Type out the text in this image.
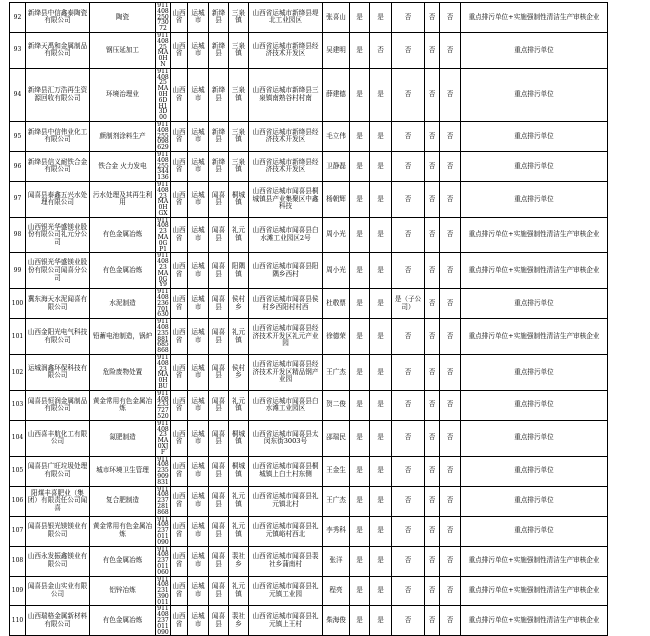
92	新绛县中信鑫泰陶瓷有限公司	陶瓷	91140825073072	山西省	运城市	新绛县	三泉镇	山西省运城市新绛县堤北工业园区	张喜山	是	是	否	否	否	重点排污单位+实施强制性清洁生产审核企业
93	新绛天禹和金属制品有限公司	钢压延加工	91140825MA0HN	山西省	运城市	新绛县	三泉镇	山西省运城市新绛县经济技术开发区	吴建明	是	否	否	否	否	重点排污单位
94	新绛县汇万浩再生资源回收有限公司	环境治理业	91140825MA0H6DH13D00	山西省	运城市	新绛县	三泉镇	山西省运城市新绛县三泉镇南熟谷村村南	薛建德	是	是	否	否	否	重点排污单位
95	新绛县中信伟业化工有限公司	颜制剂涂料生产	911408255098629	山西省	运城市	新绛县	三泉镇	山西省运城市新绛县经济技术开发区	毛立伟	是	是	否	否	否	重点排污单位
96	新绛县信义耐铁合金有限公司	铁合金 火力发电	911408255344136	山西省	运城市	新绛县	三泉镇	山西省运城市新绛县经济技术开发区	卫静磊	是	是	否	否	否	重点排污单位
97	闻喜县泰鑫五兴水处理有限公司	污水处理及其再生利用	91140823MA0HGX	山西省	运城市	闻喜县	桐城镇	山西省运城市闻喜县桐城镇县产业集聚区中鑫科技	杨朝辉	是	是	否	否	否	重点排污单位
98	山西银光华盛镁业股份有限公司礼元分公司	有色金属冶炼	91140823MA0GP1	山西省	运城市	闻喜县	礼元镇	山西省运城市闻喜县白水滩工业园区2号	周小光	是	是	否	否	否	重点排污单位+实施强制性清洁生产审核企业
99	山西银光华盛镁业股份有限公司闻喜分公司	有色金属冶炼	91140823MA0GY9	山西省	运城市	闻喜县	阳隅镇	山西省运城市闻喜县阳隅乡西村	周小光	是	是	否	否	否	重点排污单位+实施强制性清洁生产审核企业
100	冀东海天水泥闻喜有限公司	水泥制造	911408236701630	山西省	运城市	闻喜县	侯村乡	山西省运城市闻喜县侯村乡西阳村村西	杜敬票	是	是	是（子公司）	否	否	重点排污单位
101	山西金阳光电气科技有限公司	铅蓄电池制造，锅炉	911408235881685868	山西省	运城市	闻喜县	礼元镇	山西省运城市闻喜县经济技术开发区礼元产业园	徐德荣	是	是	否	否	否	重点排污单位+实施强制性清洁生产审核企业
102	运城润鑫环保科技有限公司	危险废物处置	91140823MA0HBU	山西省	运城市	闻喜县	侯村乡	山西省运城市闻喜县经济技术开发区精品钢产业园	王广杰	是	是	否	否	否	重点排污单位
103	闻喜县恒润金属制品有限公司	黄金常用有色金属冶炼	911408233727520	山西省	运城市	闻喜县	礼元镇	山西省运城市闻喜县白水滩工业园区	贺二俊	是	是	否	否	否	重点排污单位
104	山西喜丰航化工有限公司	氮肥制造	91140823MA0XJF	山西省	运城市	闻喜县	桐城镇	山西省运城市闻喜县太闵东街3003号	邵瑞民	是	是	否	否	否	重点排污单位
105	闻喜县广旺垃圾处理有限公司	城市环境卫生管理	911408235909831	山西省	运城市	闻喜县	桐城镇	山西省运城市闻喜县桐城镇上白土村东侧	王金生	是	是	否	否	否	重点排污单位
106	阳煤丰喜肥业（集团）有限责任公司闻喜	复合肥制造	911408237281868	山西省	运城市	闻喜县	礼元镇	山西省运城市闻喜县礼元镇北村	王广杰	是	是	否	否	否	重点排污单位
107	闻喜县银光镁镁业有限公司	黄金常用有色金属冶炼	911408237011090	山西省	运城市	闻喜县	礼元镇	山西省运城市闻喜县礼元镇峪村西北	李秀科	是	是	否	否	否	重点排污单位
108	山西永发振鑫镁业有限公司	有色金属冶炼	911408237011060	山西省	运城市	闻喜县	裴社乡	山西省运城市闻喜县裴社乡蒲南村	张洋	是	是	否	否	否	重点排污单位+实施强制性清洁生产审核企业
109	闻喜县金山实业有限公司	铝锌冶炼	911408231390011	山西省	运城市	闻喜县	礼元镇	山西省运城市闻喜县礼元镇工业园	程亮	是	是	否	否	否	重点排污单位+实施强制性清洁生产审核企业
110	山西瑞格金属新材料有限公司	有色金属冶炼	911408237011090	山西省	运城市	闻喜县	裴社乡	山西省运城市闻喜县礼元镇上王村	柴海俊	是	是	否	否	否	重点排污单位+实施强制性清洁生产审核企业
